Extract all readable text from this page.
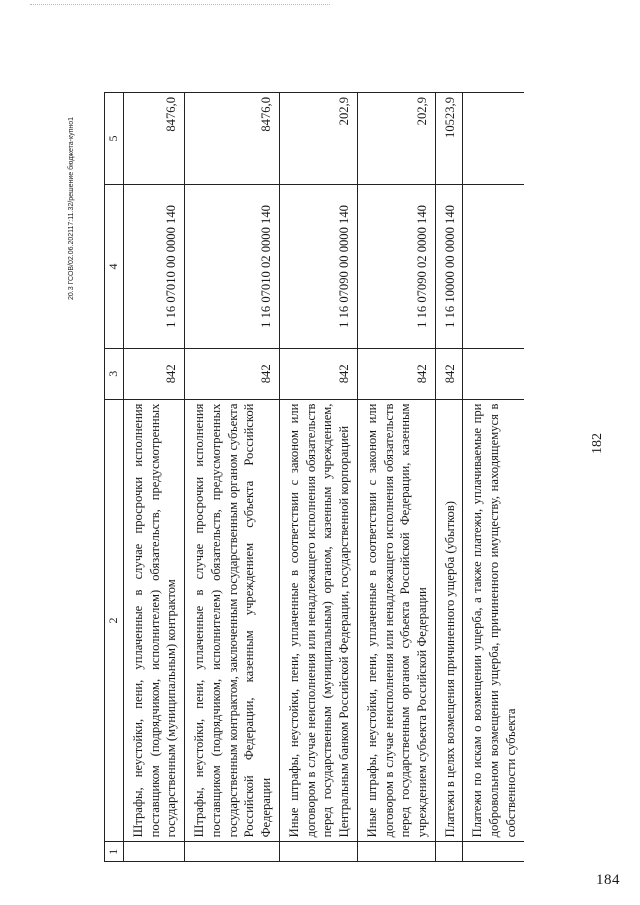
182
20.3 ГСОВ/02.06.202117:11.32/решение бюджета-купно1
1	2	3	4	5
	Штрафы, неустойки, пени, уплаченные в случае просрочки исполнения поставщиком (подрядчиком, исполнителем) обязательств, предусмотренных государственным (муниципальным) контрактом	842	1 16 07010 00 0000 140	8476,0
	Штрафы, неустойки, пени, уплаченные в случае просрочки исполнения поставщиком (подрядчиком, исполнителем) обязательств, предусмотренных государственным контрактом, заключенным государственным органом субъекта Российской Федерации, казенным учреждением субъекта Российской Федерации	842	1 16 07010 02 0000 140	8476,0
	Иные штрафы, неустойки, пени, уплаченные в соответствии с законом или договором в случае неисполнения или ненадлежащего исполнения обязательств перед государственным (муниципальным) органом, казенным учреждением, Центральным банком Российской Федерации, государственной корпорацией	842	1 16 07090 00 0000 140	202,9
	Иные штрафы, неустойки, пени, уплаченные в соответствии с законом или договором в случае неисполнения или ненадлежащего исполнения обязательств перед государственным органом субъекта Российской Федерации, казенным учреждением субъекта Российской Федерации	842	1 16 07090 02 0000 140	202,9
	Платежи в целях возмещения причиненного ущерба (убытков)	842	1 16 10000 00 0000 140	10523,9
	Платежи по искам о возмещении ущерба, а также платежи, уплачиваемые при добровольном возмещении ущерба, причиненного имуществу, находящемуся в собственности субъекта			
184
